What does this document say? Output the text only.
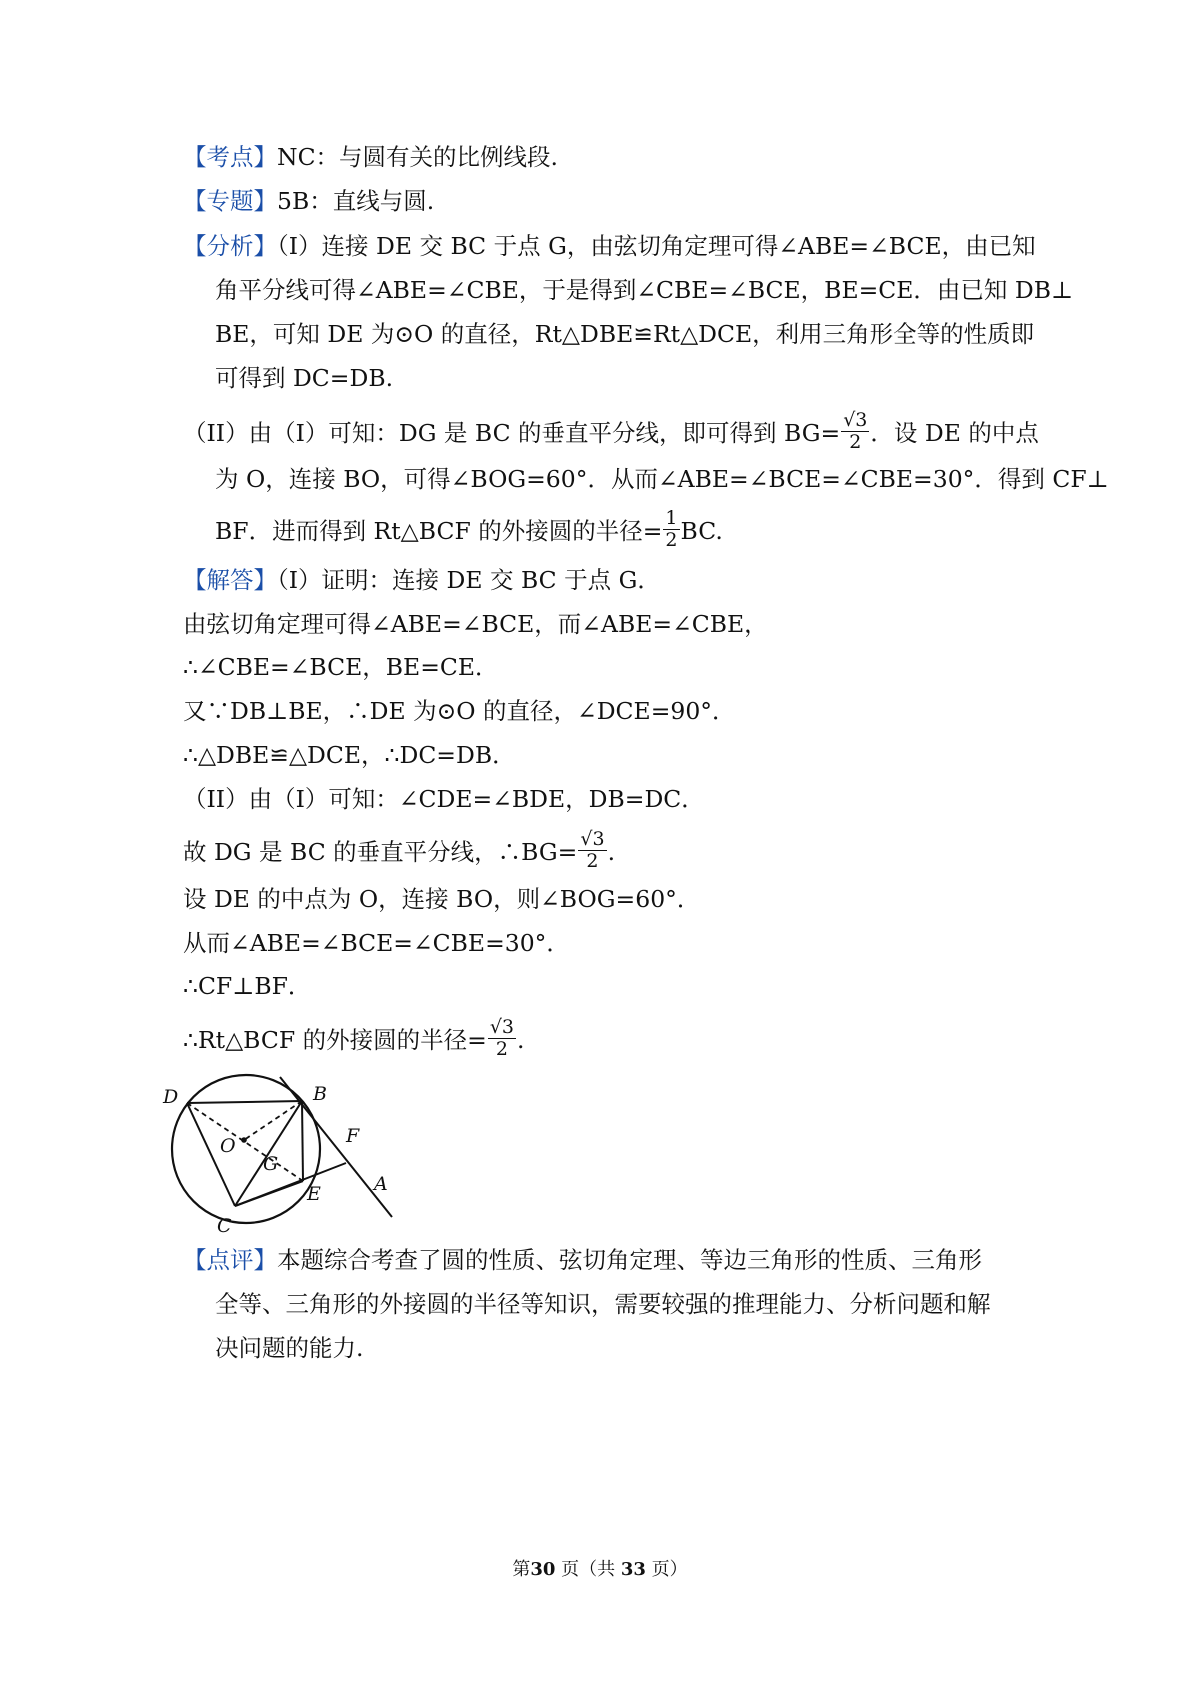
【考点】NC：与圆有关的比例线段.
【专题】5B：直线与圆.
【分析】（I）连接 DE 交 BC 于点 G，由弦切角定理可得∠ABE=∠BCE，由已知
角平分线可得∠ABE=∠CBE，于是得到∠CBE=∠BCE，BE=CE．由已知 DB⊥
BE，可知 DE 为⊙O 的直径，Rt△DBE≌Rt△DCE，利用三角形全等的性质即
可得到 DC=DB.
（II）由（I）可知：DG 是 BC 的垂直平分线，即可得到 $BG= \frac{√3}{2}$ ．设 DE 的中点
为 O，连接 BO，可得∠BOG=60°．从而∠ABE=∠BCE=∠CBE=30°．得到 CF⊥
BF．进而得到 Rt△BCF 的外接圆的半径= $\frac{1}{2}$ BC.
【解答】（I）证明：连接 DE 交 BC 于点 G．
由弦切角定理可得∠ABE=∠BCE，而∠ABE=∠CBE，
∴∠CBE=∠BCE，BE=CE．
又∵DB⊥BE，∴DE 为⊙O 的直径，∠DCE=90°．
∴△DBE≌△DCE，∴DC=DB．
（II）由（I）可知：∠CDE=∠BDE，DB=DC．
故 DG 是 BC 的垂直平分线，∴BG= $\frac{√3}{2}$ .
设 DE 的中点为 O，连接 BO，则∠BOG=60°．
从而∠ABE=∠BCE=∠CBE=30°．
∴CF⊥BF．
∴Rt△BCF 的外接圆的半径= $\frac{√3}{2}$ .
D	B
O	F
G
E	A
C
【点评】本题综合考查了圆的性质、弦切角定理、等边三角形的性质、三角形
全等、三角形的外接圆的半径等知识，需要较强的推理能力、分析问题和解
决问题的能力.
第30 页（共 33 页）
